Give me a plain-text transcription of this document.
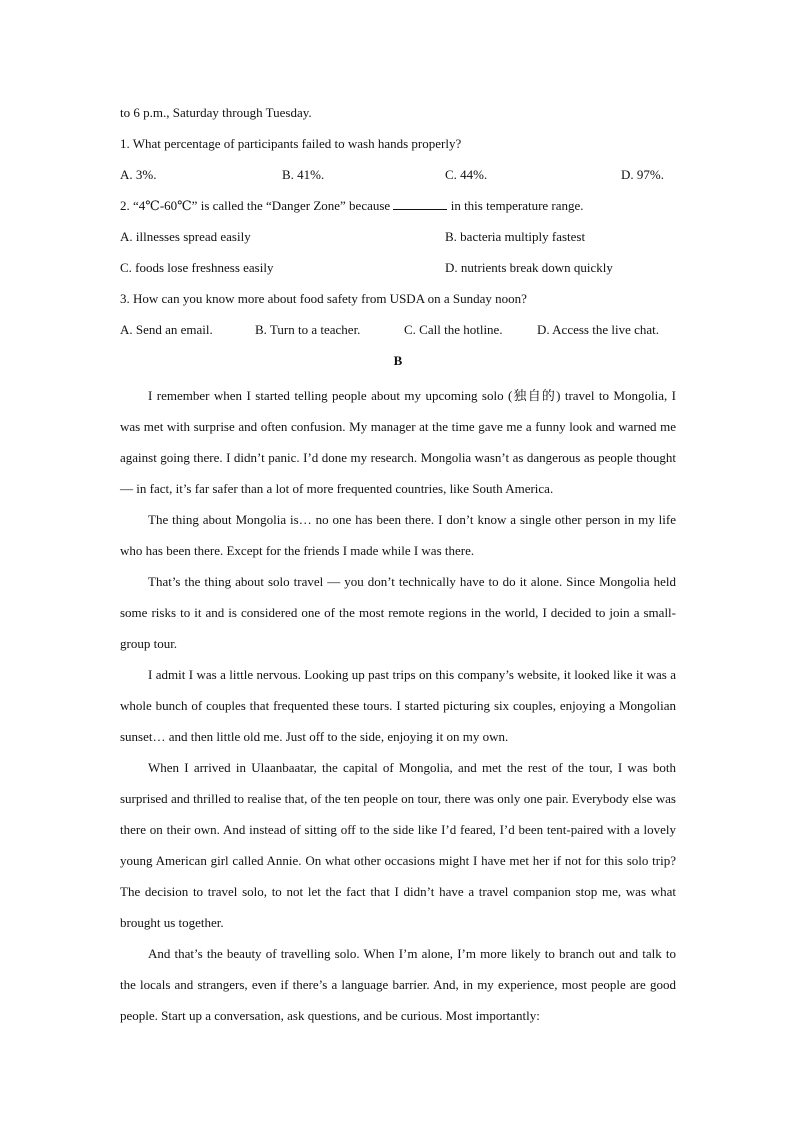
to 6 p.m., Saturday through Tuesday.
1. What percentage of participants failed to wash hands properly?
A. 3%.	B. 41%.	C. 44%.	D. 97%.
2. “4℃-60℃” is called the “Danger Zone” because	in this temperature range.
A. illnesses spread easily	B. bacteria multiply fastest
C. foods lose freshness easily	D. nutrients break down quickly
3. How can you know more about food safety from USDA on a Sunday noon?
A. Send an email.	B. Turn to a teacher.	C. Call the hotline.	D. Access the live chat.
B

I remember when I started telling people about my upcoming solo (独自的) travel to Mongolia, I was met with surprise and often confusion. My manager at the time gave me a funny look and warned me against going there. I didn’t panic. I’d done my research. Mongolia wasn’t as dangerous as people thought — in fact, it’s far safer than a lot of more frequented countries, like South America.

The thing about Mongolia is… no one has been there. I don’t know a single other person in my life who has been there. Except for the friends I made while I was there.

That’s the thing about solo travel — you don’t technically have to do it alone. Since Mongolia held some risks to it and is considered one of the most remote regions in the world, I decided to join a small-group tour.

I admit I was a little nervous. Looking up past trips on this company’s website, it looked like it was a whole bunch of couples that frequented these tours. I started picturing six couples, enjoying a Mongolian sunset… and then little old me. Just off to the side, enjoying it on my own.

When I arrived in Ulaanbaatar, the capital of Mongolia, and met the rest of the tour, I was both surprised and thrilled to realise that, of the ten people on tour, there was only one pair. Everybody else was there on their own. And instead of sitting off to the side like I’d feared, I’d been tent-paired with a lovely young American girl called Annie. On what other occasions might I have met her if not for this solo trip? The decision to travel solo, to not let the fact that I didn’t have a travel companion stop me, was what brought us together.

And that’s the beauty of travelling solo. When I’m alone, I’m more likely to branch out and talk to the locals and strangers, even if there’s a language barrier. And, in my experience, most people are good people. Start up a conversation, ask questions, and be curious. Most importantly:
